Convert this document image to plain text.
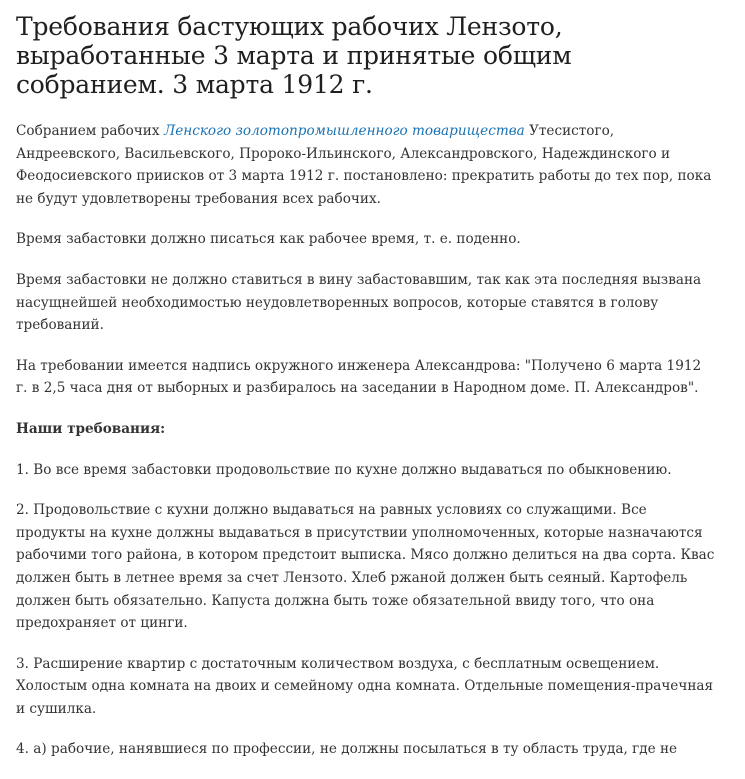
Требования бастующих рабочих Лензото, выработанные 3 марта и принятые общим собранием. 3 марта 1912 г.

Собранием рабочих Ленского золотопромышленного товарищества Утесистого, Андреевского, Васильевского, Пророко-Ильинского, Александровского, Надеждинского и Феодосиевского приисков от 3 марта 1912 г. постановлено: прекратить работы до тех пор, пока не будут удовлетворены требования всех рабочих.

Время забастовки должно писаться как рабочее время, т. е. поденно.

Время забастовки не должно ставиться в вину забастовавшим, так как эта последняя вызвана насущнейшей необходимостью неудовлетворенных вопросов, которые ставятся в голову требований.

На требовании имеется надпись окружного инженера Александрова: "Получено 6 марта 1912 г. в 2,5 часа дня от выборных и разбиралось на заседании в Народном доме. П. Александров".

Наши требования:

1. Во все время забастовки продовольствие по кухне должно выдаваться по обыкновению.

2. Продовольствие с кухни должно выдаваться на равных условиях со служащими. Все продукты на кухне должны выдаваться в присутствии уполномоченных, которые назначаются рабочими того района, в котором предстоит выписка. Мясо должно делиться на два сорта. Квас должен быть в летнее время за счет Лензото. Хлеб ржаной должен быть сеяный. Картофель должен быть обязательно. Капуста должна быть тоже обязательной ввиду того, что она предохраняет от цинги.

3. Расширение квартир с достаточным количеством воздуха, с бесплатным освещением. Холостым одна комната на двоих и семейному одна комната. Отдельные помещения-прачечная и сушилка.

4. а) рабочие, нанявшиеся по профессии, не должны посылаться в ту область труда, где не
